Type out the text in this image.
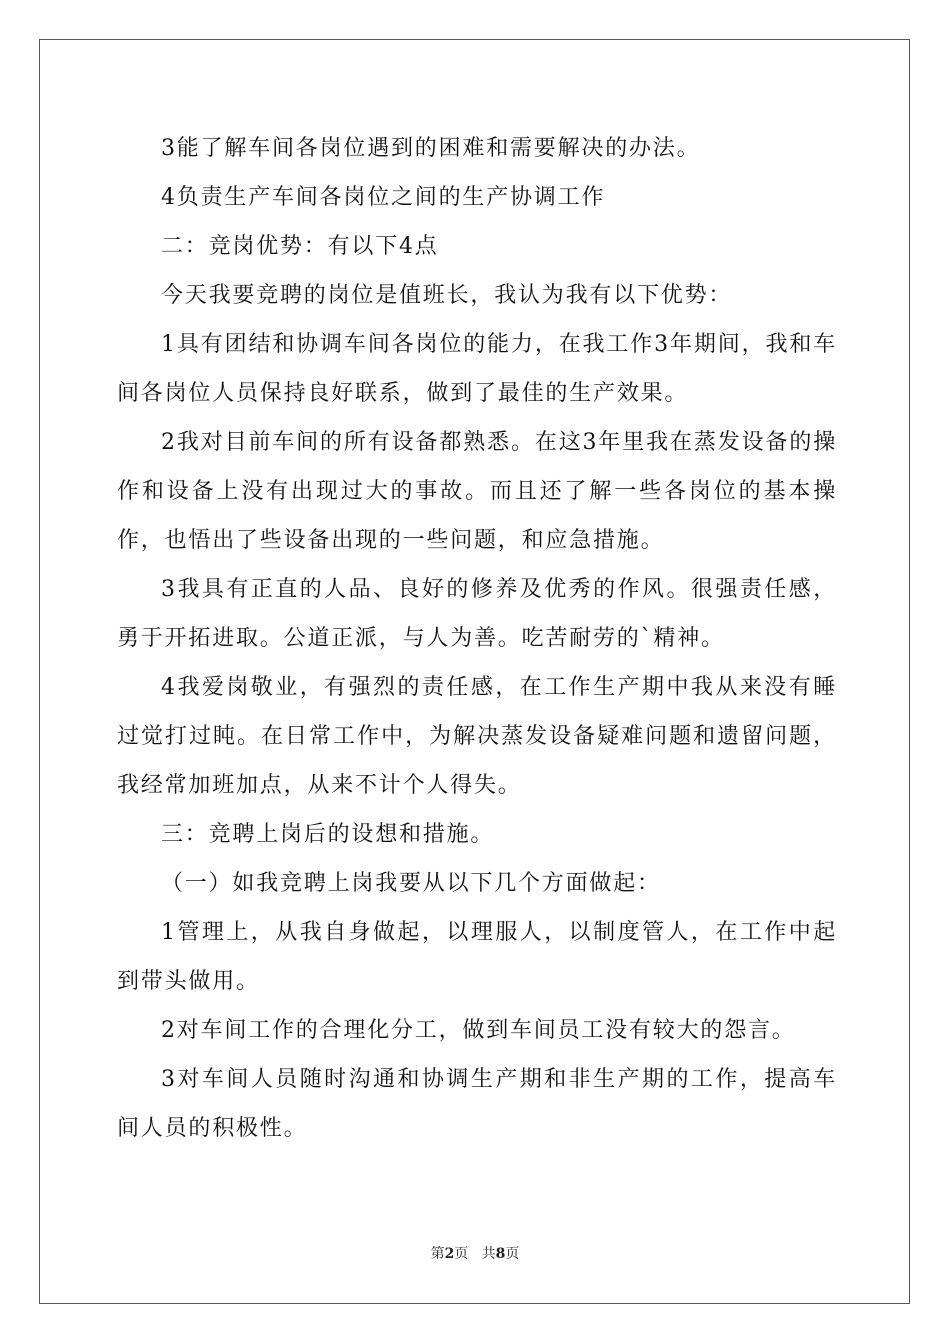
3能了解车间各岗位遇到的困难和需要解决的办法。

4负责生产车间各岗位之间的生产协调工作

二：竞岗优势：有以下4点

今天我要竞聘的岗位是值班长，我认为我有以下优势：

1具有团结和协调车间各岗位的能力，在我工作3年期间，我和车间各岗位人员保持良好联系，做到了最佳的生产效果。

2我对目前车间的所有设备都熟悉。在这3年里我在蒸发设备的操作和设备上没有出现过大的事故。而且还了解一些各岗位的基本操作，也悟出了些设备出现的一些问题，和应急措施。

3我具有正直的人品、良好的修养及优秀的作风。很强责任感，勇于开拓进取。公道正派，与人为善。吃苦耐劳的`精神。

4我爱岗敬业，有强烈的责任感，在工作生产期中我从来没有睡过觉打过盹。在日常工作中，为解决蒸发设备疑难问题和遗留问题，我经常加班加点，从来不计个人得失。

三：竞聘上岗后的设想和措施。

（一）如我竞聘上岗我要从以下几个方面做起：

1管理上，从我自身做起，以理服人，以制度管人，在工作中起到带头做用。

2对车间工作的合理化分工，做到车间员工没有较大的怨言。

3对车间人员随时沟通和协调生产期和非生产期的工作，提高车间人员的积极性。

第2页 共8页
